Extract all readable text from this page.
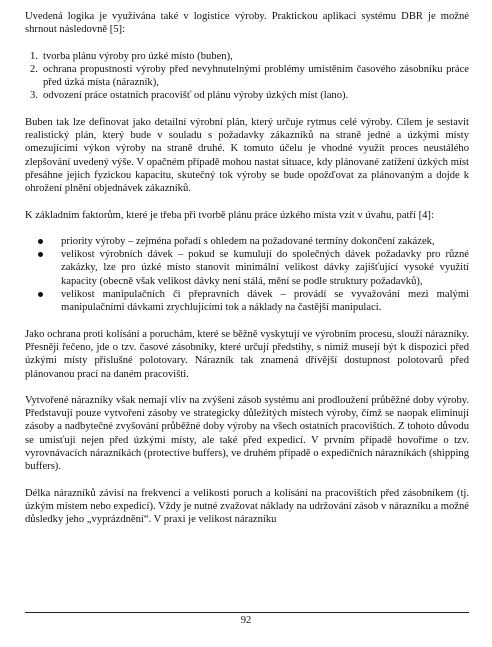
Uvedená logika je využívána také v logistice výroby. Praktickou aplikaci systému DBR je možné shrnout následovně [5]:

1. tvorba plánu výroby pro úzké místo (buben),
2. ochrana propustnosti výroby před nevyhnutelnými problémy umístěním časového zásobníku práce před úzká místa (nárazník),
3. odvození práce ostatních pracovišť od plánu výroby úzkých míst (lano).

Buben tak lze definovat jako detailní výrobní plán, který určuje rytmus celé výroby. Cílem je sestavit realistický plán, který bude v souladu s požadavky zákazníků na straně jedné a úzkými místy omezujícími výkon výroby na straně druhé. K tomuto účelu je vhodné využít proces neustálého zlepšování uvedený výše. V opačném případě mohou nastat situace, kdy plánované zatížení úzkých míst přesáhne jejich fyzickou kapacitu, skutečný tok výroby se bude opožďovat za plánovaným a dojde k ohrožení plnění objednávek zákazníků.

K základním faktorům, které je třeba při tvorbě plánu práce úzkého místa vzít v úvahu, patří [4]:

priority výroby – zejména pořadí s ohledem na požadované termíny dokončení zakázek,
velikost výrobních dávek – pokud se kumulují do společných dávek požadavky pro různé zakázky, lze pro úzké místo stanovit minimální velikost dávky zajišťující vysoké využití kapacity (obecně však velikost dávky není stálá, mění se podle struktury požadavků),
velikost manipulačních či přepravních dávek – provádí se vyvažování mezi malými manipulačními dávkami zrychlujícími tok a náklady na častější manipulaci.

Jako ochrana proti kolísání a poruchám, které se běžně vyskytují ve výrobním procesu, slouží nárazníky. Přesněji řečeno, jde o tzv. časové zásobníky, které určují předstihy, s nimiž musejí být k dispozici před úzkými místy příslušné polotovary. Nárazník tak znamená dřívější dostupnost polotovarů před plánovanou prací na daném pracovišti.

Vytvořené nárazníky však nemají vliv na zvýšení zásob systému ani prodloužení průběžné doby výroby. Představují pouze vytvoření zásoby ve strategicky důležitých místech výroby, čímž se naopak eliminují zásoby a nadbytečné zvyšování průběžné doby výroby na všech ostatních pracovištích. Z tohoto důvodu se umisťují nejen před úzkými místy, ale také před expedicí. V prvním případě hovoříme o tzv. vyrovnávacích nárazníkách (protective buffers), ve druhém případě o expedičních nárazníkách (shipping buffers).

Délka nárazníků závisí na frekvenci a velikosti poruch a kolísání na pracovištích před zásobníkem (tj. úzkým místem nebo expedicí). Vždy je nutné zvažovat náklady na udržování zásob v nárazníku a možné důsledky jeho „vyprázdnění“. V praxi je velikost nárazníku

92
